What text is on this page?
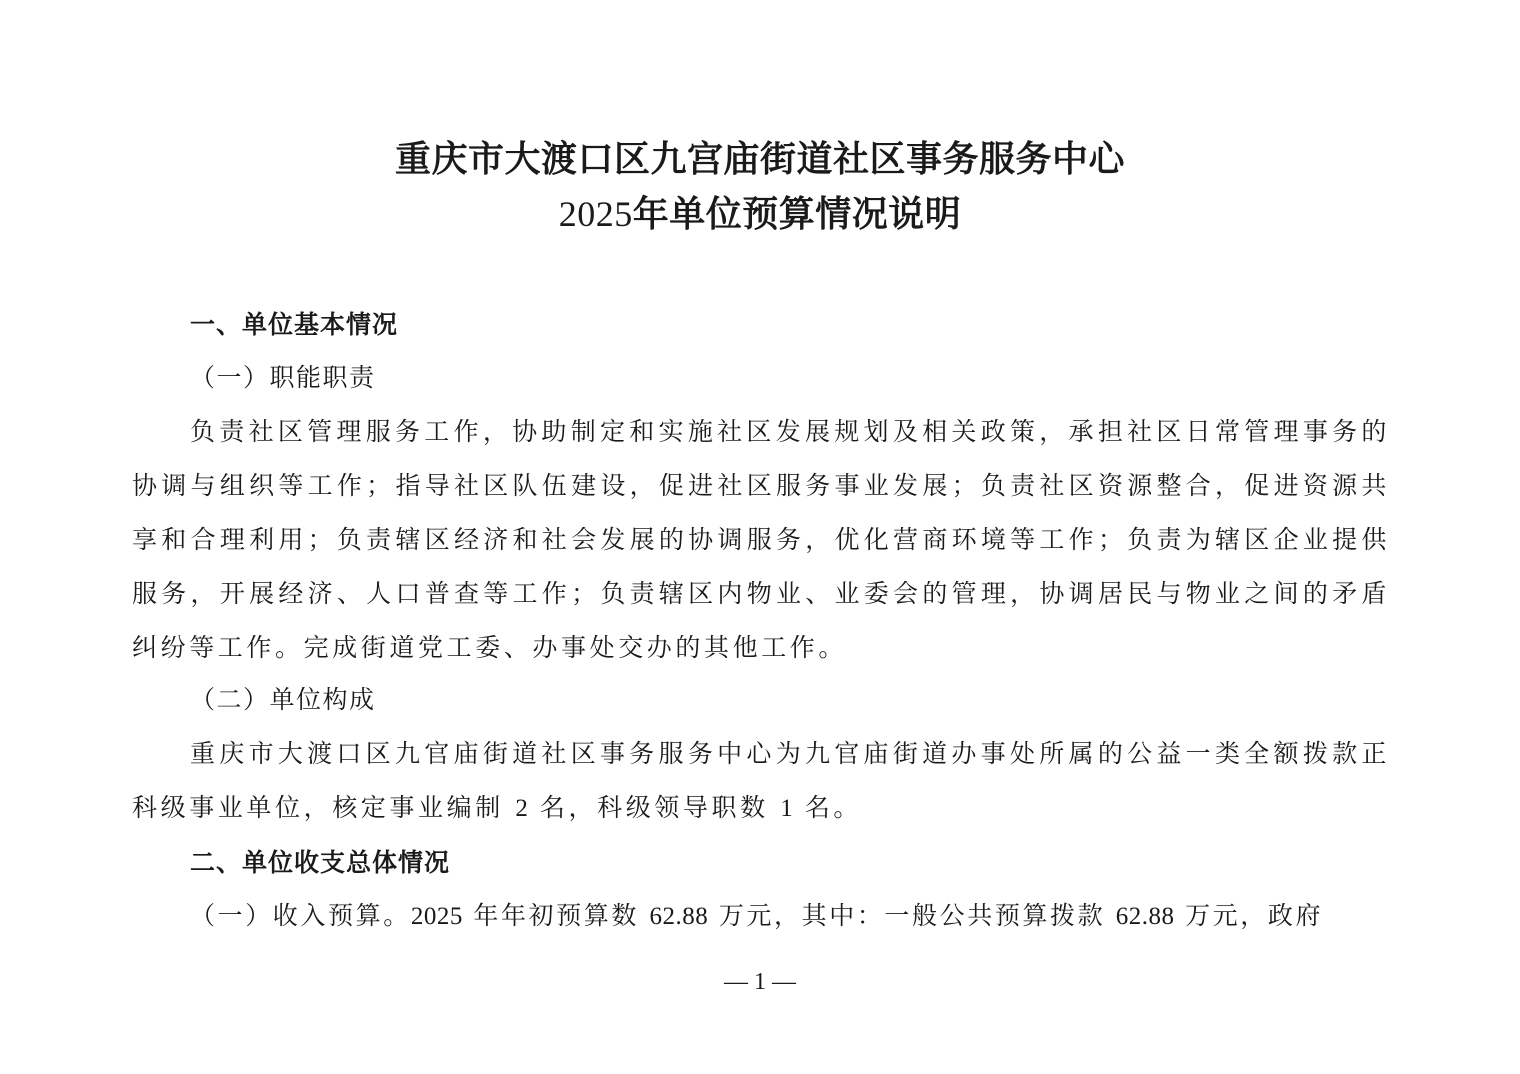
重庆市大渡口区九宫庙街道社区事务服务中心
2025年单位预算情况说明
一、单位基本情况
（一）职能职责

负责社区管理服务工作，协助制定和实施社区发展规划及相关政策，承担社区日常管理事务的协调与组织等工作；指导社区队伍建设，促进社区服务事业发展；负责社区资源整合，促进资源共享和合理利用；负责辖区经济和社会发展的协调服务，优化营商环境等工作；负责为辖区企业提供服务，开展经济、人口普查等工作；负责辖区内物业、业委会的管理，协调居民与物业之间的矛盾纠纷等工作。完成街道党工委、办事处交办的其他工作。

（二）单位构成

重庆市大渡口区九官庙街道社区事务服务中心为九官庙街道办事处所属的公益一类全额拨款正科级事业单位，核定事业编制 2 名，科级领导职数 1 名。

二、单位收支总体情况
（一）收入预算。2025 年年初预算数 62.88 万元，其中：一般公共预算拨款 62.88 万元，政府
— 1 —
